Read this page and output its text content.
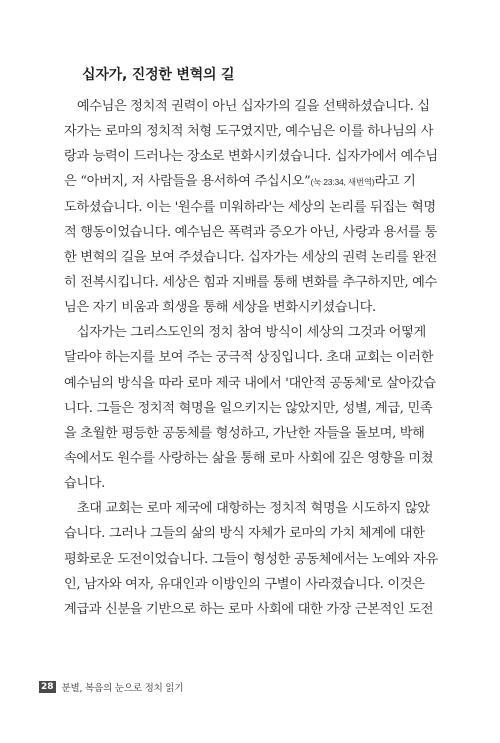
십자가, 진정한 변혁의 길
　예수님은 정치적 권력이 아닌 십자가의 길을 선택하셨습니다. 십
자가는 로마의 정치적 처형 도구였지만, 예수님은 이를 하나님의 사
랑과 능력이 드러나는 장소로 변화시키셨습니다. 십자가에서 예수님
은 “아버지, 저 사람들을 용서하여 주십시오”(눅 23:34, 새번역)라고 기
도하셨습니다. 이는 '원수를 미워하라'는 세상의 논리를 뒤집는 혁명
적 행동이었습니다. 예수님은 폭력과 증오가 아닌, 사랑과 용서를 통
한 변혁의 길을 보여 주셨습니다. 십자가는 세상의 권력 논리를 완전
히 전복시킵니다. 세상은 힘과 지배를 통해 변화를 추구하지만, 예수
님은 자기 비움과 희생을 통해 세상을 변화시키셨습니다.
　십자가는 그리스도인의 정치 참여 방식이 세상의 그것과 어떻게
달라야 하는지를 보여 주는 궁극적 상징입니다. 초대 교회는 이러한
예수님의 방식을 따라 로마 제국 내에서 '대안적 공동체'로 살아갔습
니다. 그들은 정치적 혁명을 일으키지는 않았지만, 성별, 계급, 민족
을 초월한 평등한 공동체를 형성하고, 가난한 자들을 돌보며, 박해
속에서도 원수를 사랑하는 삶을 통해 로마 사회에 깊은 영향을 미쳤
습니다.
　초대 교회는 로마 제국에 대항하는 정치적 혁명을 시도하지 않았
습니다. 그러나 그들의 삶의 방식 자체가 로마의 가치 체계에 대한
평화로운 도전이었습니다. 그들이 형성한 공동체에서는 노예와 자유
인, 남자와 여자, 유대인과 이방인의 구별이 사라졌습니다. 이것은
계급과 신분을 기반으로 하는 로마 사회에 대한 가장 근본적인 도전
28 분별, 복음의 눈으로 정치 읽기
